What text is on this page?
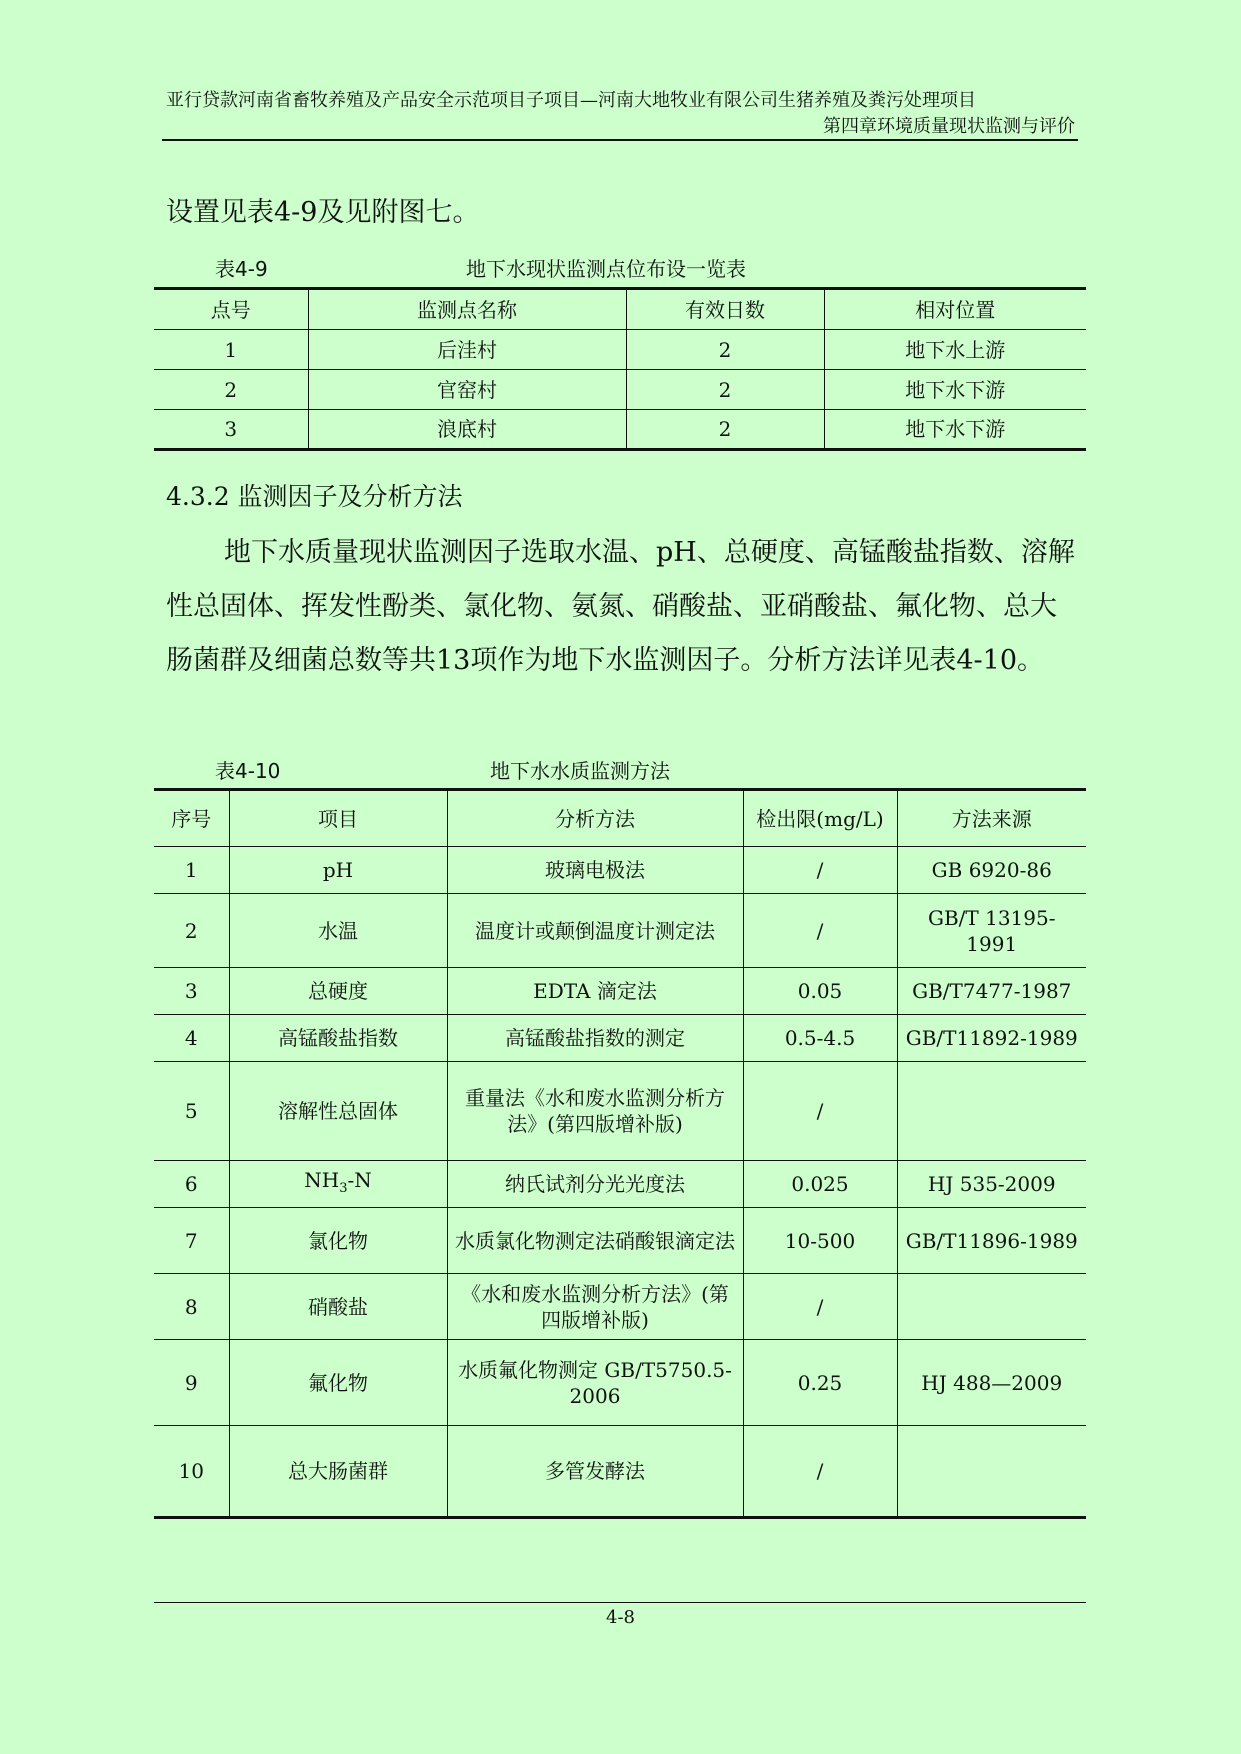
亚行贷款河南省畜牧养殖及产品安全示范项目子项目—河南大地牧业有限公司生猪养殖及粪污处理项目
第四章环境质量现状监测与评价
设置见表4-9及见附图七。
表4-9	地下水现状监测点位布设一览表
点号	监测点名称	有效日数	相对位置
1	后洼村	2	地下水上游
2	官窑村	2	地下水下游
3	浪底村	2	地下水下游
4.3.2 监测因子及分析方法
地下水质量现状监测因子选取水温、pH、总硬度、高锰酸盐指数、溶解性总固体、挥发性酚类、氯化物、氨氮、硝酸盐、亚硝酸盐、氟化物、总大肠菌群及细菌总数等共13项作为地下水监测因子。分析方法详见表4-10。
表4-10	地下水水质监测方法
序号	项目	分析方法	检出限(mg/L)	方法来源
1	pH	玻璃电极法	/	GB 6920-86
2	水温	温度计或颠倒温度计测定法	/	GB/T 13195-1991
3	总硬度	EDTA 滴定法	0.05	GB/T7477-1987
4	高锰酸盐指数	高锰酸盐指数的测定	0.5-4.5	GB/T11892-1989
5	溶解性总固体	重量法《水和废水监测分析方法》(第四版增补版)	/	
6	$NH_3-N$	纳氏试剂分光光度法	0.025	HJ 535-2009
7	氯化物	水质氯化物测定法硝酸银滴定法	10-500	GB/T11896-1989
8	硝酸盐	《水和废水监测分析方法》(第四版增补版)	/	
9	氟化物	水质氟化物测定 GB/T5750.5-2006	0.25	HJ 488—2009
10	总大肠菌群	多管发酵法	/	
4-8
